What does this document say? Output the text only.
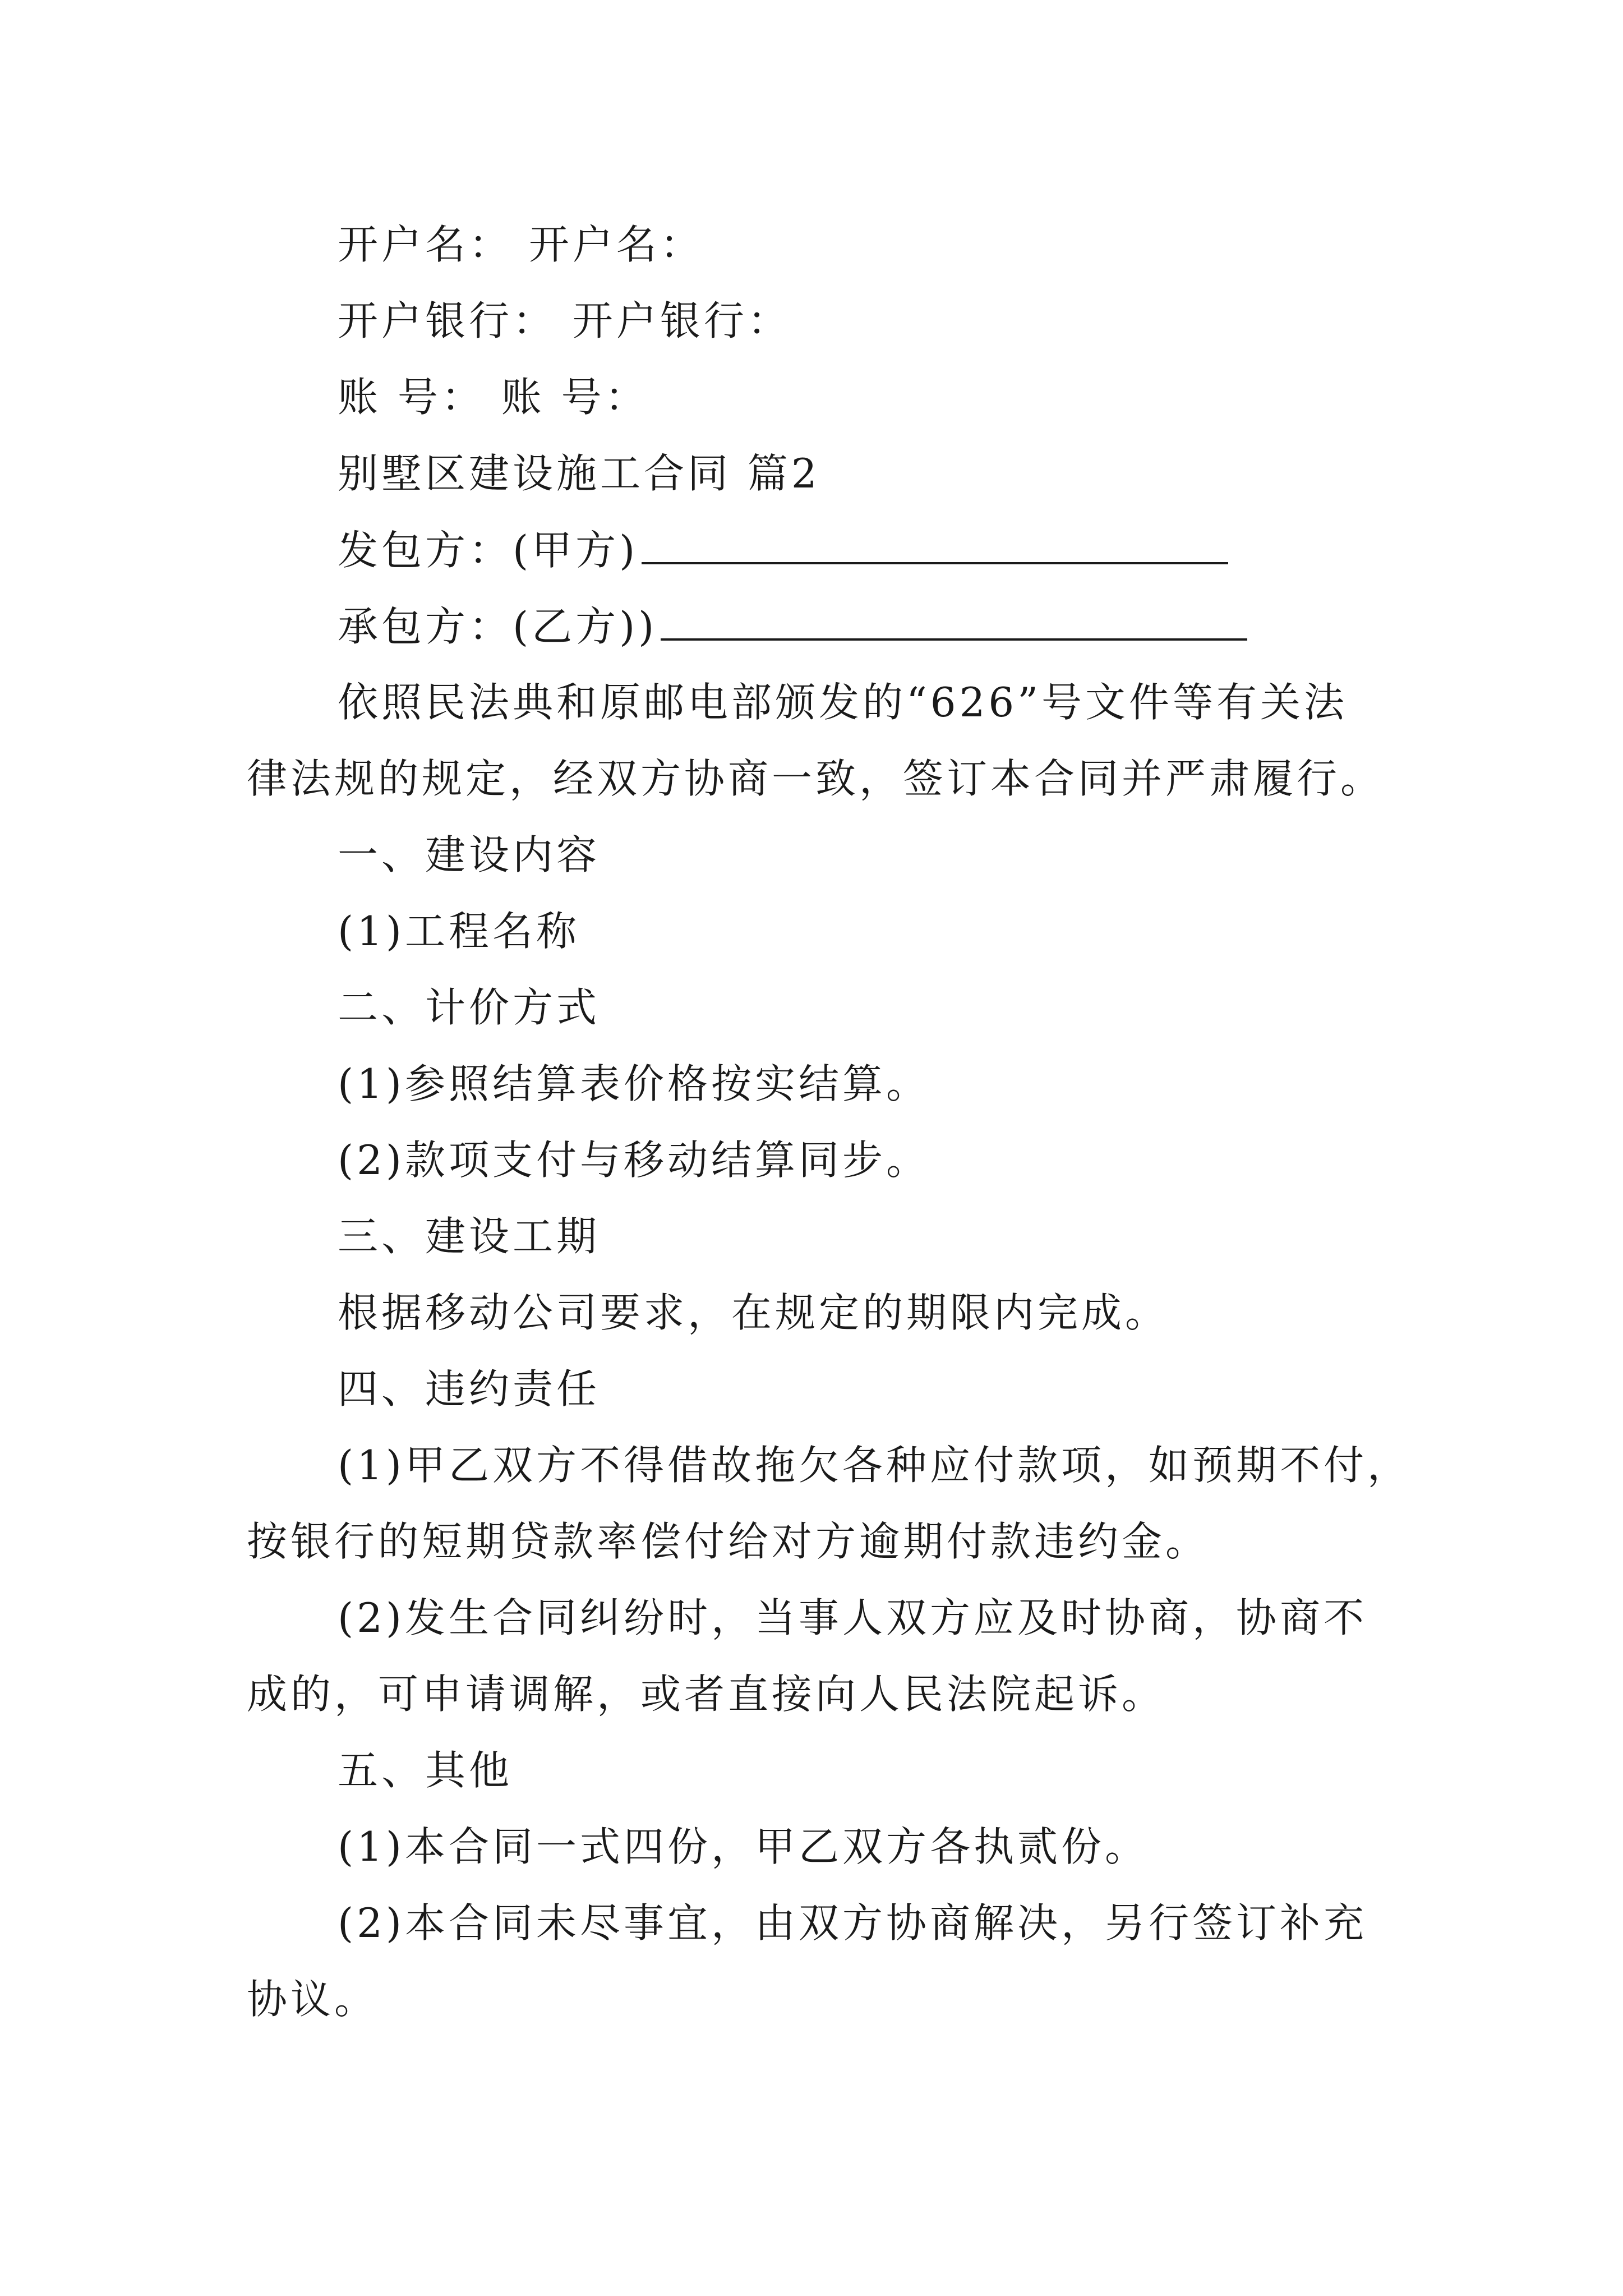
开户名： 开户名：
开户银行： 开户银行：
账 号： 账 号：
别墅区建设施工合同 篇2
发包方：(甲方)
承包方：(乙方))
依照民法典和原邮电部颁发的“626”号文件等有关法
律法规的规定，经双方协商一致，签订本合同并严肃履行。
一、建设内容
(1)工程名称
二、计价方式
(1)参照结算表价格按实结算。
(2)款项支付与移动结算同步。
三、建设工期
根据移动公司要求，在规定的期限内完成。
四、违约责任
(1)甲乙双方不得借故拖欠各种应付款项，如预期不付，
按银行的短期贷款率偿付给对方逾期付款违约金。
(2)发生合同纠纷时，当事人双方应及时协商，协商不
成的，可申请调解，或者直接向人民法院起诉。
五、其他
(1)本合同一式四份，甲乙双方各执贰份。
(2)本合同未尽事宜，由双方协商解决，另行签订补充
协议。
